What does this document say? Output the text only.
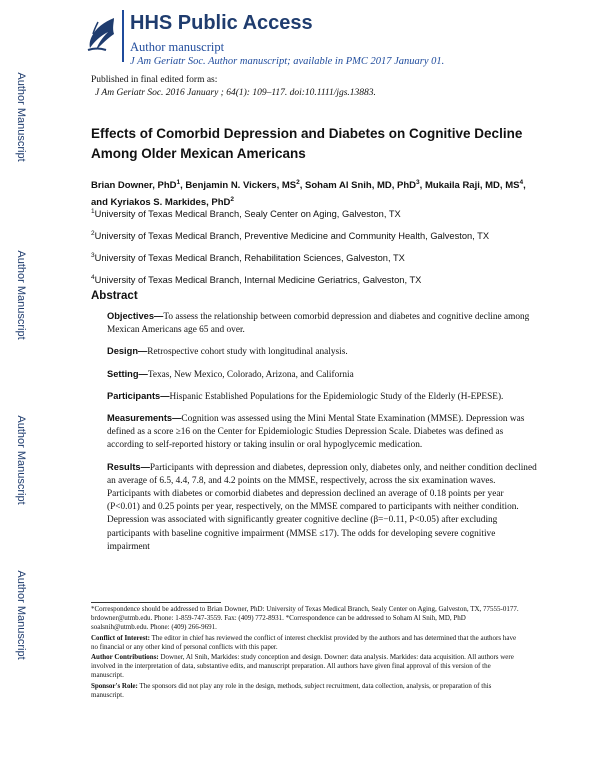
Author Manuscript
Author Manuscript
Author Manuscript
Author Manuscript
HHS Public Access
Author manuscript
J Am Geriatr Soc. Author manuscript; available in PMC 2017 January 01.
Published in final edited form as:
J Am Geriatr Soc. 2016 January ; 64(1): 109–117. doi:10.1111/jgs.13883.
Effects of Comorbid Depression and Diabetes on Cognitive Decline Among Older Mexican Americans
Brian Downer, PhD$^1$, Benjamin N. Vickers, $MS^2$, Soham Al Snih, MD, PhD$^3$, Mukaila Raji, MD, $MS^4$, and Kyriakos S. Markides, PhD$^2$
$^1$University of Texas Medical Branch, Sealy Center on Aging, Galveston, TX
$^2$University of Texas Medical Branch, Preventive Medicine and Community Health, Galveston, TX
$^3$University of Texas Medical Branch, Rehabilitation Sciences, Galveston, TX
$^4$University of Texas Medical Branch, Internal Medicine Geriatrics, Galveston, TX
Abstract

Objectives—To assess the relationship between comorbid depression and diabetes and cognitive decline among Mexican Americans age 65 and over.

Design—Retrospective cohort study with longitudinal analysis.

Setting—Texas, New Mexico, Colorado, Arizona, and California

Participants—Hispanic Established Populations for the Epidemiologic Study of the Elderly (H-EPESE).

Measurements—Cognition was assessed using the Mini Mental State Examination (MMSE). Depression was defined as a score ≥16 on the Center for Epidemiologic Studies Depression Scale. Diabetes was defined as according to self-reported history or taking insulin or oral hypoglycemic medication.

Results—Participants with depression and diabetes, depression only, diabetes only, and neither condition declined an average of 6.5, 4.4, 7.8, and 4.2 points on the MMSE, respectively, across the six examination waves. Participants with diabetes or comorbid diabetes and depression declined an average of 0.18 points per year (P<0.01) and 0.25 points per year, respectively, on the MMSE compared to participants with neither condition. Depression was associated with significantly greater cognitive decline (β=−0.11, P<0.05) after excluding participants with baseline cognitive impairment (MMSE ≤17). The odds for developing severe cognitive impairment

*Correspondence should be addressed to Brian Downer, PhD: University of Texas Medical Branch, Sealy Center on Aging, Galveston, TX, 77555-0177. brdowner@utmb.edu. Phone: 1-859-747-3559. Fax: (409) 772-8931. *Correspondence can be addressed to Soham Al Snih, MD, PhD soalsnih@utmb.edu. Phone: (409) 266-9691.

Conflict of Interest: The editor in chief has reviewed the conflict of interest checklist provided by the authors and has determined that the authors have no financial or any other kind of personal conflicts with this paper.

Author Contributions: Downer, Al Snih, Markides: study conception and design. Downer: data analysis. Markides: data acquisition. All authors were involved in the interpretation of data, substantive edits, and manuscript preparation. All authors have given final approval of this version of the manuscript.

Sponsor's Role: The sponsors did not play any role in the design, methods, subject recruitment, data collection, analysis, or preparation of this manuscript.
